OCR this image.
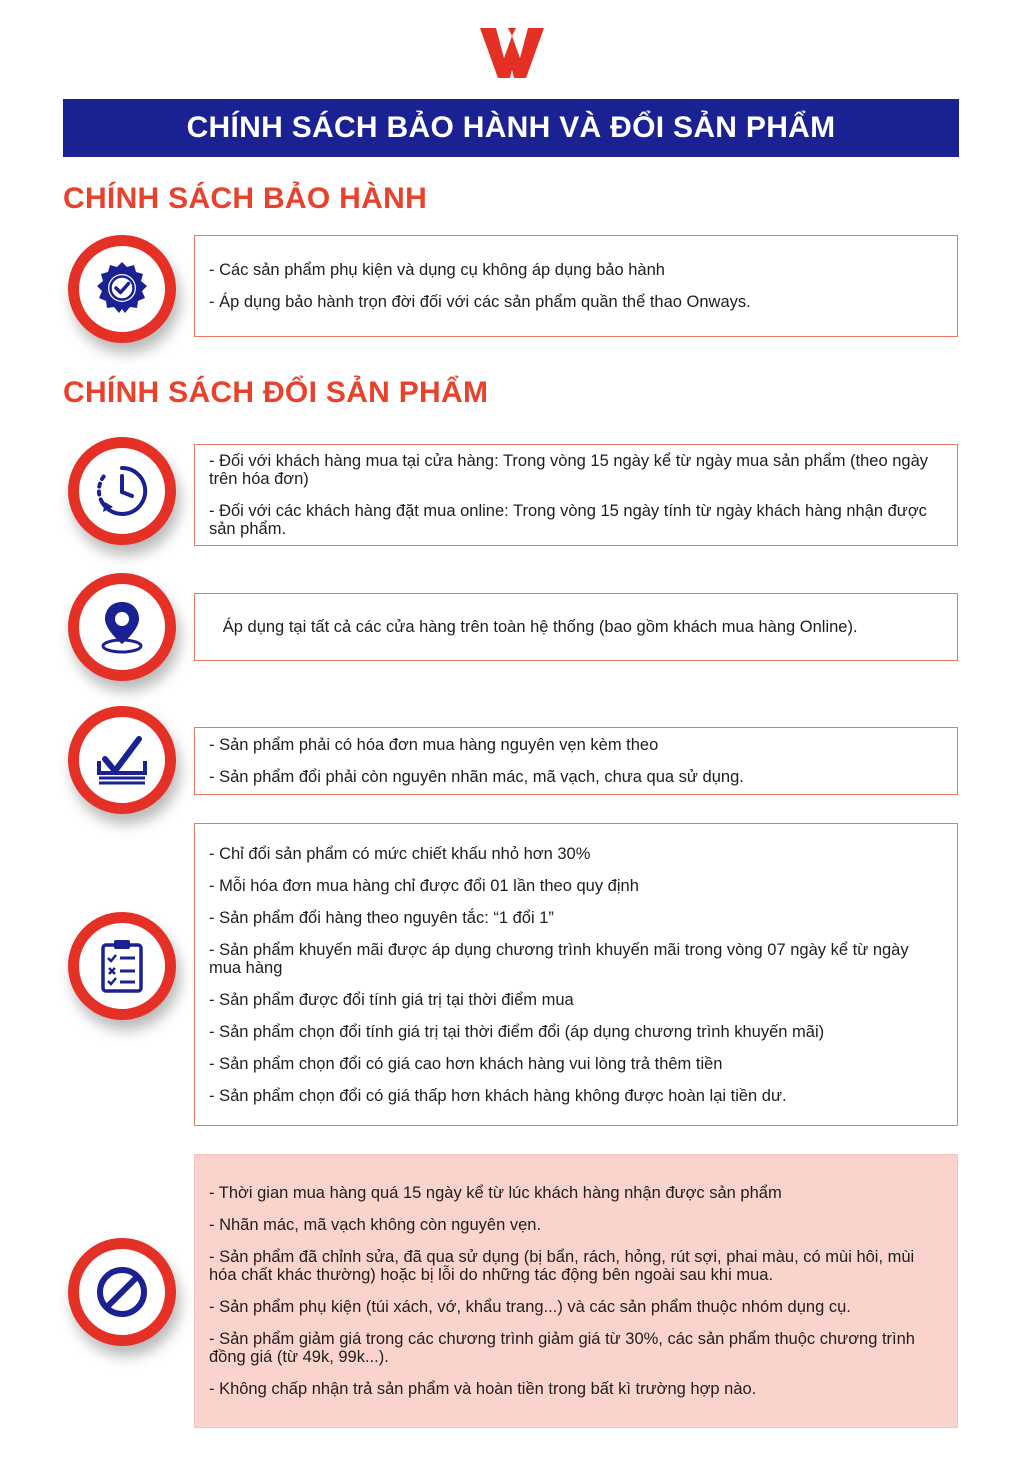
CHÍNH SÁCH BẢO HÀNH VÀ ĐỔI SẢN PHẨM
CHÍNH SÁCH BẢO HÀNH
- Các sản phẩm phụ kiện và dụng cụ không áp dụng bảo hành
- Áp dụng bảo hành trọn đời đối với các sản phẩm quần thể thao Onways.
CHÍNH SÁCH ĐỔI SẢN PHẨM
- Đối với khách hàng mua tại cửa hàng: Trong vòng 15 ngày kể từ ngày mua sản phẩm (theo ngày trên hóa đơn)
- Đối với các khách hàng đặt mua online: Trong vòng 15 ngày tính từ ngày khách hàng nhận được sản phẩm.
Áp dụng tại tất cả các cửa hàng trên toàn hệ thống (bao gồm khách mua hàng Online).
- Sản phẩm phải có hóa đơn mua hàng nguyên vẹn kèm theo
- Sản phẩm đổi phải còn nguyên nhãn mác, mã vạch, chưa qua sử dụng.
- Chỉ đổi sản phẩm có mức chiết khấu nhỏ hơn 30%
- Mỗi hóa đơn mua hàng chỉ được đổi 01 lần theo quy định
- Sản phẩm đổi hàng theo nguyên tắc: “1 đổi 1”
- Sản phẩm khuyến mãi được áp dụng chương trình khuyến mãi trong vòng 07 ngày kể từ ngày mua hàng
- Sản phẩm được đổi tính giá trị tại thời điểm mua
- Sản phẩm chọn đổi tính giá trị tại thời điểm đổi (áp dụng chương trình khuyến mãi)
- Sản phẩm chọn đổi có giá cao hơn khách hàng vui lòng trả thêm tiền
- Sản phẩm chọn đổi có giá thấp hơn khách hàng không được hoàn lại tiền dư.
- Thời gian mua hàng quá 15 ngày kể từ lúc khách hàng nhận được sản phẩm
- Nhãn mác, mã vạch không còn nguyên vẹn.
- Sản phẩm đã chỉnh sửa, đã qua sử dụng (bị bẩn, rách, hỏng, rút sợi, phai màu, có mùi hôi, mùi hóa chất khác thường) hoặc bị lỗi do những tác động bên ngoài sau khi mua.
- Sản phẩm phụ kiện (túi xách, vớ, khẩu trang...) và các sản phẩm thuộc nhóm dụng cụ.
- Sản phẩm giảm giá trong các chương trình giảm giá từ 30%, các sản phẩm thuộc chương trình đồng giá (từ 49k, 99k...).
- Không chấp nhận trả sản phẩm và hoàn tiền trong bất kì trường hợp nào.
